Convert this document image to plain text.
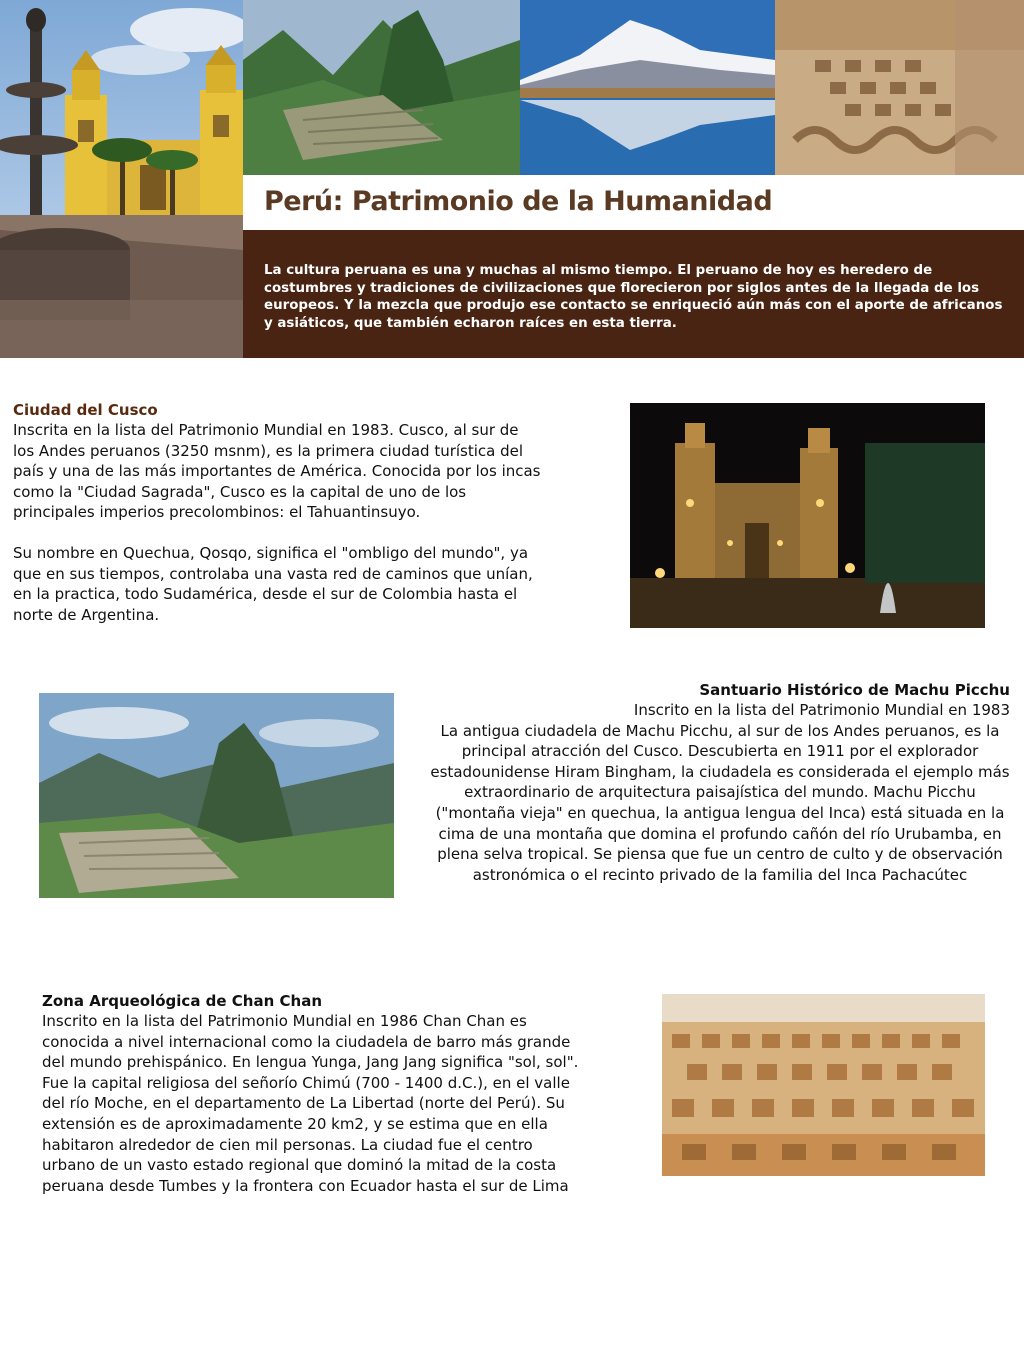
Perú: Patrimonio de la Humanidad

La cultura peruana es una y muchas al mismo tiempo. El peruano de hoy es heredero de costumbres y tradiciones de civilizaciones que florecieron por siglos antes de la llegada de los europeos. Y la mezcla que produjo ese contacto se enriqueció aún más con el aporte de africanos y asiáticos, que también echaron raíces en esta tierra.

Ciudad del Cusco

Inscrita en la lista del Patrimonio Mundial en 1983. Cusco, al sur de los Andes peruanos (3250 msnm), es la primera ciudad turística del país y una de las más importantes de América. Conocida por los incas como la "Ciudad Sagrada", Cusco es la capital de uno de los principales imperios precolombinos: el Tahuantinsuyo.

Su nombre en Quechua, Qosqo, significa el "ombligo del mundo", ya que en sus tiempos, controlaba una vasta red de caminos que unían, en la practica, todo Sudamérica, desde el sur de Colombia hasta el norte de Argentina.

Santuario Histórico de Machu Picchu

Inscrito en la lista del Patrimonio Mundial en 1983

La antigua ciudadela de Machu Picchu, al sur de los Andes peruanos, es la principal atracción del Cusco. Descubierta en 1911 por el explorador estadounidense Hiram Bingham, la ciudadela es considerada el ejemplo más extraordinario de arquitectura paisajística del mundo. Machu Picchu ("montaña vieja" en quechua, la antigua lengua del Inca) está situada en la cima de una montaña que domina el profundo cañón del río Urubamba, en plena selva tropical. Se piensa que fue un centro de culto y de observación astronómica o el recinto privado de la familia del Inca Pachacútec

Zona Arqueológica de Chan Chan

Inscrito en la lista del Patrimonio Mundial en 1986 Chan Chan es conocida a nivel internacional como la ciudadela de barro más grande del mundo prehispánico. En lengua Yunga, Jang Jang significa "sol, sol". Fue la capital religiosa del señorío Chimú (700 - 1400 d.C.), en el valle del río Moche, en el departamento de La Libertad (norte del Perú). Su extensión es de aproximadamente 20 km2, y se estima que en ella habitaron alrededor de cien mil personas. La ciudad fue el centro urbano de un vasto estado regional que dominó la mitad de la costa peruana desde Tumbes y la frontera con Ecuador hasta el sur de Lima
